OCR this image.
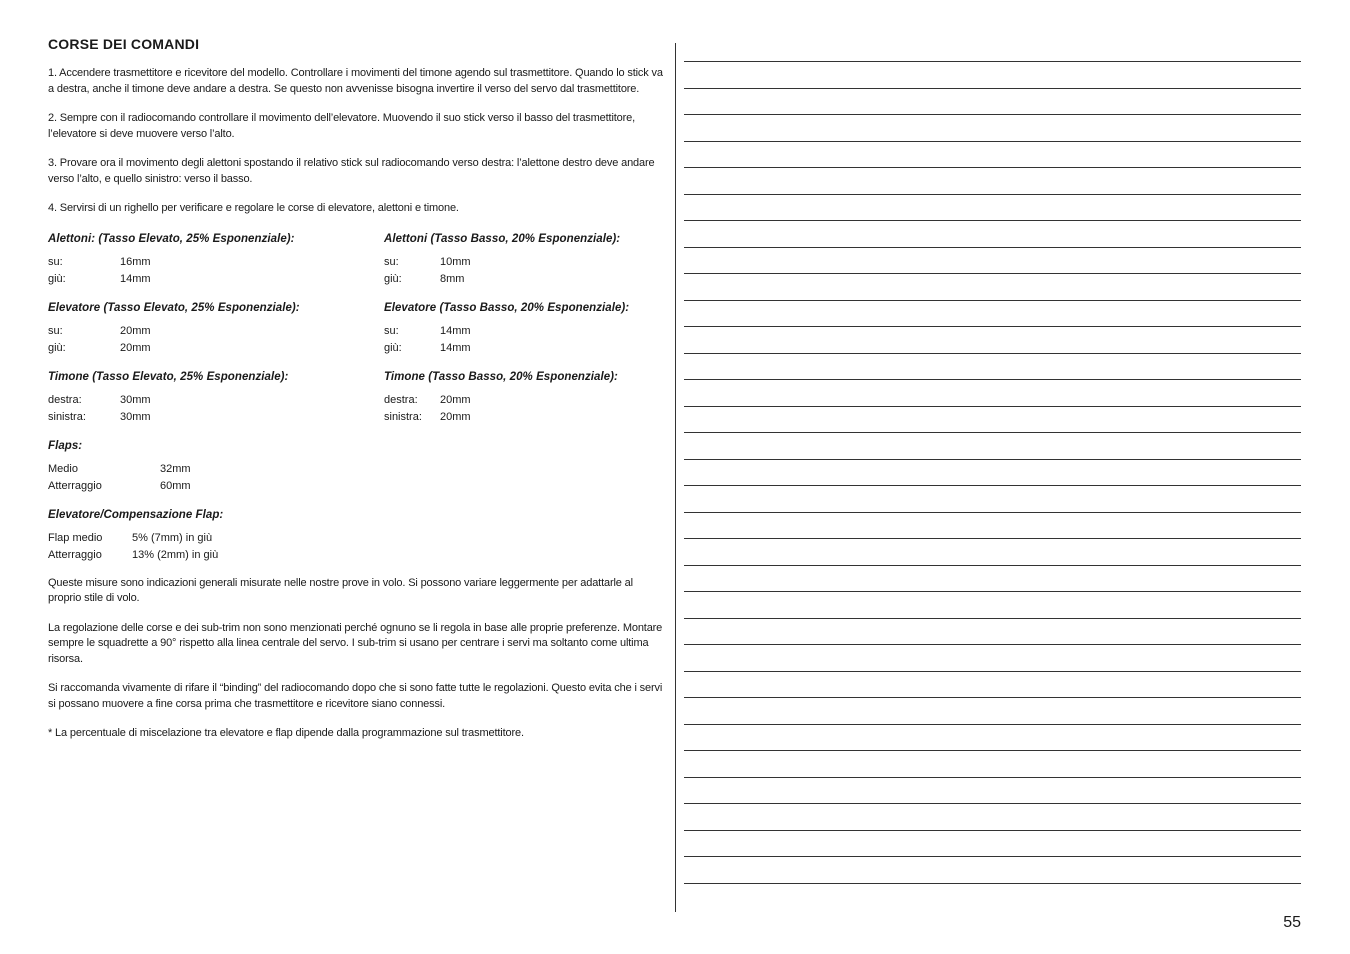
CORSE DEI COMANDI

1. Accendere trasmettitore e ricevitore del modello. Controllare i movimenti del timone agendo sul trasmettitore. Quando lo stick va a destra, anche il timone deve andare a destra. Se questo non avvenisse bisogna invertire il verso del servo dal trasmettitore.

2. Sempre con il radiocomando controllare il movimento dell’elevatore. Muovendo il suo stick verso il basso del trasmettitore, l’elevatore si deve muovere verso l’alto.

3. Provare ora il movimento degli alettoni spostando il relativo stick sul radiocomando verso destra: l’alettone destro deve andare verso l’alto, e quello sinistro: verso il basso.

4. Servirsi di un righello per verificare e regolare le corse di elevatore, alettoni e timone.

Alettoni: (Tasso Elevato, 25% Esponenziale):
su:	16mm
giù:	14mm
Alettoni (Tasso Basso, 20% Esponenziale):
su:	10mm
giù:	8mm
Elevatore (Tasso Elevato, 25% Esponenziale):
su:	20mm
giù:	20mm
Elevatore (Tasso Basso, 20% Esponenziale):
su:	14mm
giù:	14mm
Timone (Tasso Elevato, 25% Esponenziale):
destra:	30mm
sinistra:	30mm
Timone (Tasso Basso, 20% Esponenziale):
destra:	20mm
sinistra:	20mm
Flaps:
Medio	32mm
Atterraggio	60mm
Elevatore/Compensazione Flap:
Flap medio	5% (7mm) in giù
Atterraggio	13% (2mm) in giù

Queste misure sono indicazioni generali misurate nelle nostre prove in volo. Si possono variare leggermente per adattarle al proprio stile di volo.

La regolazione delle corse e dei sub-trim non sono menzionati perché ognuno se li regola in base alle proprie preferenze. Montare sempre le squadrette a 90° rispetto alla linea centrale del servo. I sub-trim si usano per centrare i servi ma soltanto come ultima risorsa.

Si raccomanda vivamente di rifare il “binding” del radiocomando dopo che si sono fatte tutte le regolazioni. Questo evita che i servi si possano muovere a fine corsa prima che trasmettitore e ricevitore siano connessi.

* La percentuale di miscelazione tra elevatore e flap dipende dalla programmazione sul trasmettitore.

55
